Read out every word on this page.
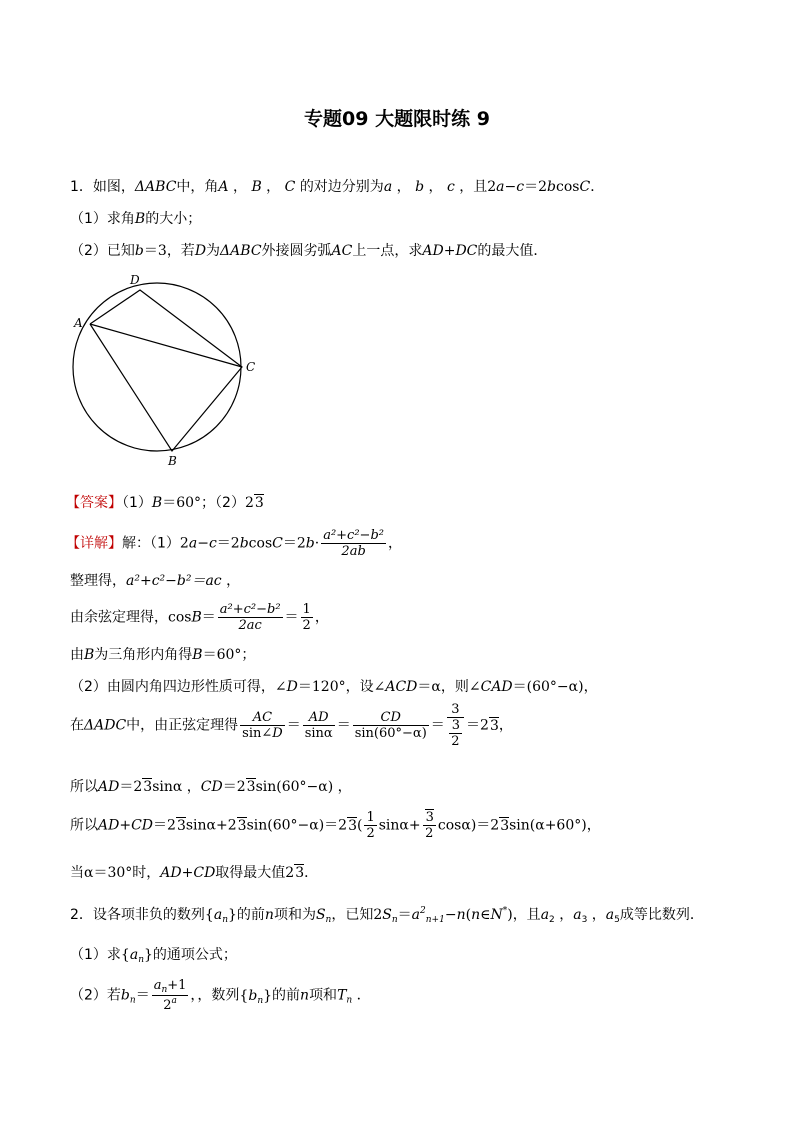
专题09 大题限时练 9
1．如图，ΔABC中，角A ， B ， C 的对边分别为a ， b ， c ，且2a−c＝2bcosC．
（1）求角B的大小；
（2）已知b＝3，若D为ΔABC外接圆劣弧AC上一点，求AD+DC的最大值．
A
D
C
B
【答案】（1）B＝60°；（2）23
【详解】解：$(1)2a-c=2bcosC=2b\cdot \frac{\text{a²+c²−b²}}{2ab}$ ，
整理得，a²+c²−b²＝ac ，
由余弦定理得，$\cos B= \frac{\text{a²+c²−b²}}{2ac} = \frac{1}{2}$ ，
由B为三角形内角得B＝60°；
（2）由圆内角四边形性质可得，∠D＝120°，设∠ACD＝α，则∠CAD＝(60°−α)，
在ΔADC中，由正弦定理得 $\frac{AC}{\sin\angle D} = \frac{AD}{\sin\alpha} = \frac{CD}{\sin(60^\circ-\alpha)} = \frac{3}{\frac{3}{2}} =23$，
所以AD＝23sinα ，CD＝23sin(60°−α) ，
所以$AD+CD=23\sin\alpha+23\sin(60^\circ-\alpha)=23( \frac{1}{2} \sin\alpha+ \frac{3}{2} \cos\alpha)=23\sin(\alpha+60^\circ)$，
当α＝30°时，AD+CD取得最大值23．
2．设各项非负的数列$\{a_n\}$的前n项和为$S_n$，已知$2S_n=a^2_{n+1}-n(n\in N^*)$，且$a_2$ ，$a_3$ ，$a_5$成等比数列．
（1）求$\{a_n\}$的通项公式；
（2）若$b_n= \frac{a_n+1}{2^a}$ ，，数列$\{b_n\}$的前n项和$T_n$ ．
